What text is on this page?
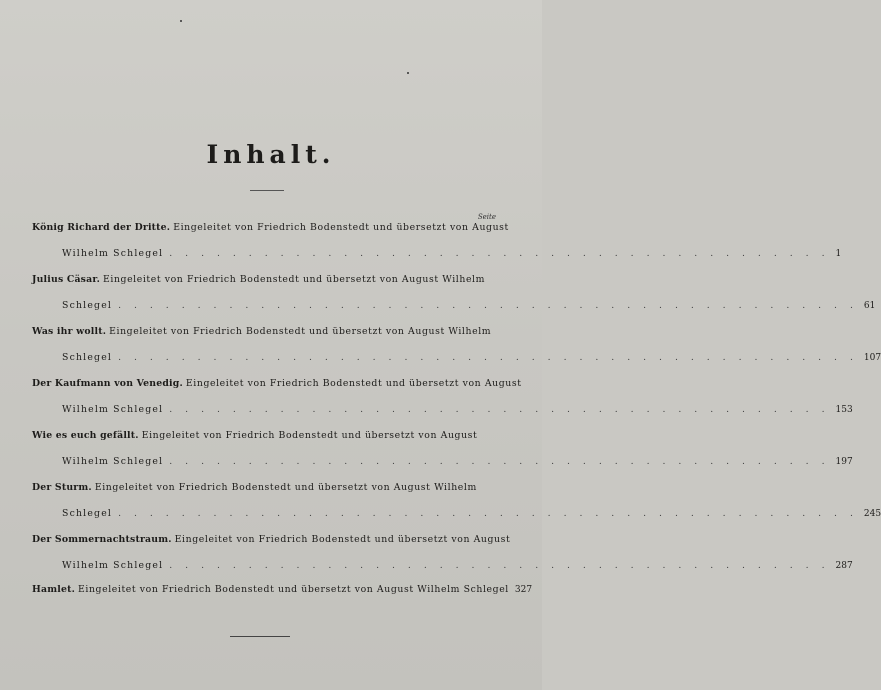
Inhalt.
Seite
König Richard der Dritte. Eingeleitet von Friedrich Bodenstedt und übersetzt von August
Wilhelm Schlegel . . . . . . . . . . . . . . . . . . . . . . . . . . . . . . . . . . . . . . . . . . 1
Julius Cäsar. Eingeleitet von Friedrich Bodenstedt und übersetzt von August Wilhelm
Schlegel . . . . . . . . . . . . . . . . . . . . . . . . . . . . . . . . . . . . . . . . . . . . . . . 61
Was ihr wollt. Eingeleitet von Friedrich Bodenstedt und übersetzt von August Wilhelm
Schlegel . . . . . . . . . . . . . . . . . . . . . . . . . . . . . . . . . . . . . . . . . . . . . . . 107
Der Kaufmann von Venedig. Eingeleitet von Friedrich Bodenstedt und übersetzt von August
Wilhelm Schlegel . . . . . . . . . . . . . . . . . . . . . . . . . . . . . . . . . . . . . . . . . . 153
Wie es euch gefällt. Eingeleitet von Friedrich Bodenstedt und übersetzt von August
Wilhelm Schlegel . . . . . . . . . . . . . . . . . . . . . . . . . . . . . . . . . . . . . . . . . . 197
Der Sturm. Eingeleitet von Friedrich Bodenstedt und übersetzt von August Wilhelm
Schlegel . . . . . . . . . . . . . . . . . . . . . . . . . . . . . . . . . . . . . . . . . . . . . . . 245
Der Sommernachtstraum. Eingeleitet von Friedrich Bodenstedt und übersetzt von August
Wilhelm Schlegel . . . . . . . . . . . . . . . . . . . . . . . . . . . . . . . . . . . . . . . . . . 287
Hamlet.
Eingeleitet von Friedrich Bodenstedt und übersetzt von August Wilhelm Schlegel 327
